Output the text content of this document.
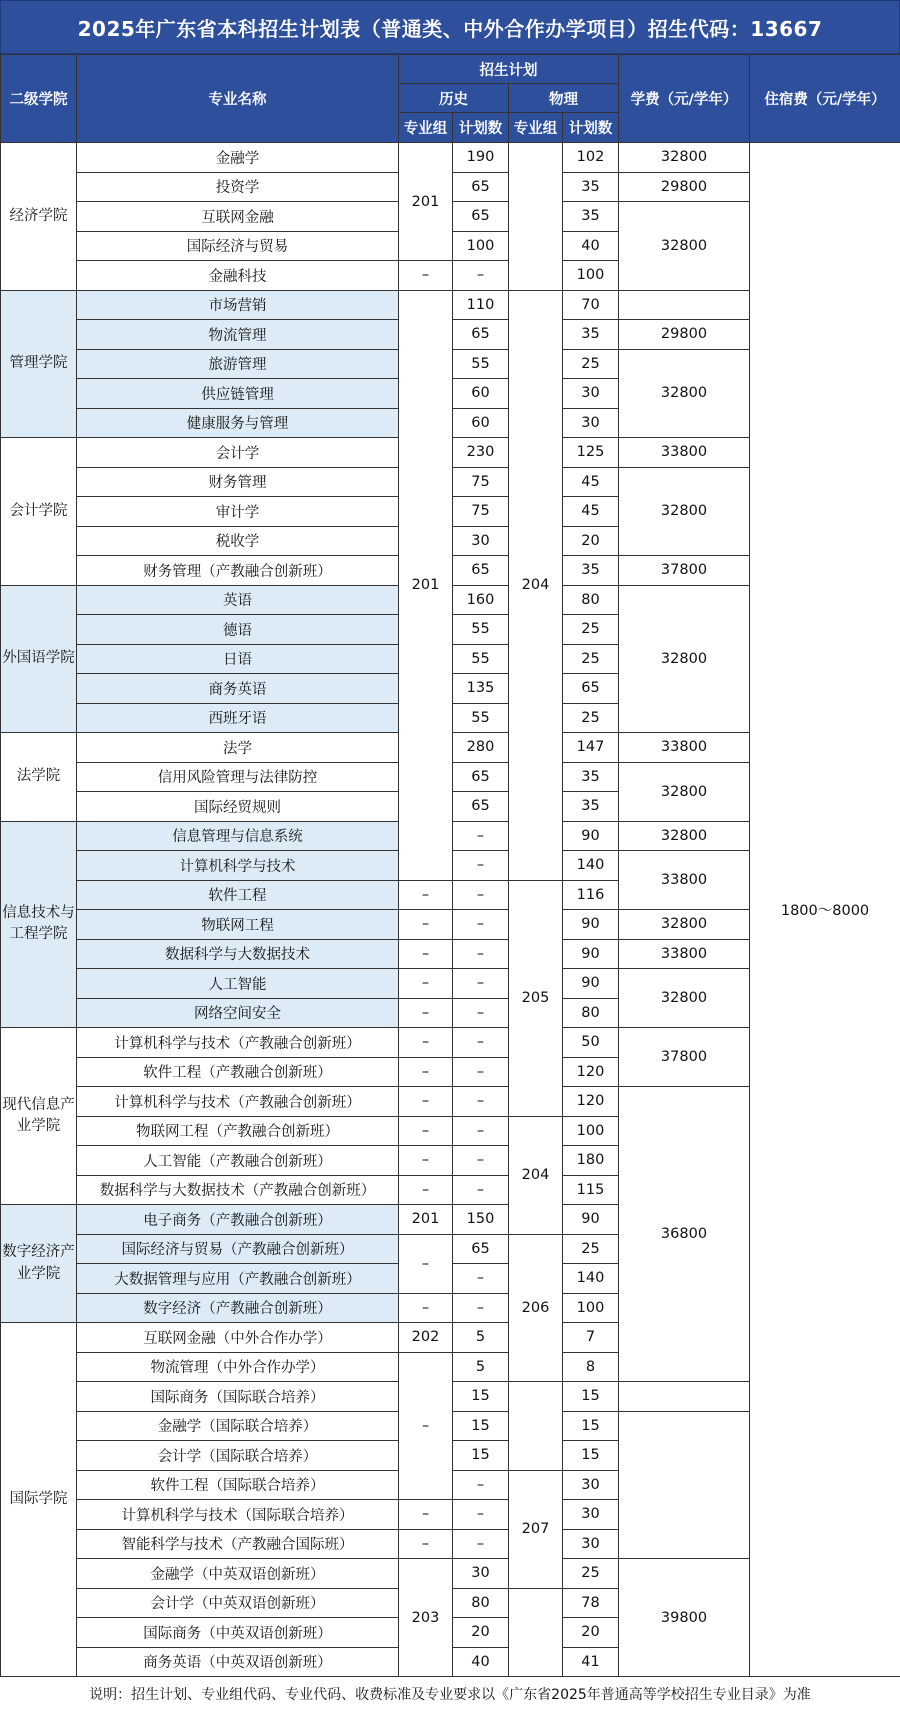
2025年广东省本科招生计划表（普通类、中外合作办学项目）招生代码：13667
二级学院	专业名称	招生计划				学费（元/学年）	住宿费（元/学年）
		历史		物理			
		专业组	计划数	专业组	计划数		
经济学院	金融学	201	190		102	32800	1800～8000
	投资学		65		35	29800	
	互联网金融		65		35	32800	
	国际经济与贸易		100		40		
	金融科技	–	–		100		
管理学院	市场营销	201	110	204	70		
	物流管理		65		35	29800	
	旅游管理		55		25	32800	
	供应链管理		60		30		
	健康服务与管理		60		30		
会计学院	会计学		230		125	33800	
	财务管理		75		45	32800	
	审计学		75		45		
	税收学		30		20		
	财务管理（产教融合创新班）		65		35	37800	
外国语学院	英语		160		80	32800	
	德语		55		25		
	日语		55		25		
	商务英语		135		65		
	西班牙语		55		25		
法学院	法学		280		147	33800	
	信用风险管理与法律防控		65		35	32800	
	国际经贸规则		65		35		
信息技术与工程学院	信息管理与信息系统		–		90	32800	
	计算机科学与技术		–		140	33800	
	软件工程	–	–	205	116		
	物联网工程	–	–		90	32800	
	数据科学与大数据技术	–	–		90	33800	
	人工智能	–	–		90	32800	
	网络空间安全	–	–		80		
现代信息产业学院	计算机科学与技术（产教融合创新班）	–	–		50	37800	
	软件工程（产教融合创新班）	–	–		120		
	计算机科学与技术（产教融合创新班）	–	–		120	36800	
	物联网工程（产教融合创新班）	–	–	204	100		
	人工智能（产教融合创新班）	–	–		180		
	数据科学与大数据技术（产教融合创新班）	–	–		115		
数字经济产业学院	电子商务（产教融合创新班）	201	150		90		
	国际经济与贸易（产教融合创新班）	–	65	206	25		
	大数据管理与应用（产教融合创新班）		–		140		
	数字经济（产教融合创新班）	–	–		100		
国际学院	互联网金融（中外合作办学）	202	5		7		
	物流管理（中外合作办学）	–	5		8		
	国际商务（国际联合培养）		15		15		
	金融学（国际联合培养）		15		15		
	会计学（国际联合培养）		15		15		
	软件工程（国际联合培养）		–	207	30		
	计算机科学与技术（国际联合培养）	–	–		30		
	智能科学与技术（产教融合国际班）	–	–		30		
	金融学（中英双语创新班）	203	30		25	39800	
	会计学（中英双语创新班）		80		78		
	国际商务（中英双语创新班）		20		20		
	商务英语（中英双语创新班）		40		41		
说明：招生计划、专业组代码、专业代码、收费标准及专业要求以《广东省2025年普通高等学校招生专业目录》为准
